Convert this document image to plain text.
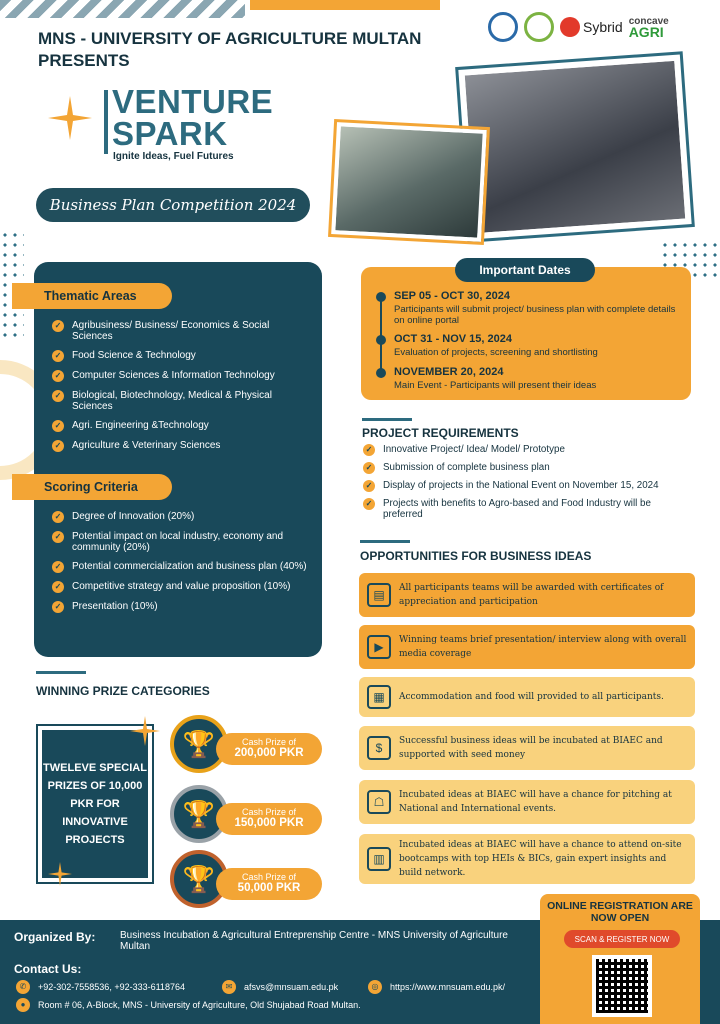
MNS - UNIVERSITY OF AGRICULTURE MULTAN PRESENTS
Sybrid concave
AGRI
VENTURE
SPARK
Ignite Ideas, Fuel Futures
Business Plan Competition 2024
Thematic Areas
✓ Agribusiness/ Business/ Economics & Social Sciences
✓ Food Science & Technology
✓ Computer Sciences & Information Technology
✓ Biological, Biotechnology, Medical & Physical Sciences
✓ Agri. Engineering &Technology
✓ Agriculture & Veterinary Sciences
Scoring Criteria
✓ Degree of Innovation (20%)
✓ Potential impact on local industry, economy and community (20%)
✓ Potential commercialization and business plan (40%)
✓ Competitive strategy and value proposition (10%)
✓ Presentation (10%)
Important Dates
SEP 05 - OCT 30, 2024
Participants will submit project/ business plan with complete details on online portal
OCT 31 - NOV 15, 2024
Evaluation of projects, screening and shortlisting
NOVEMBER 20, 2024
Main Event - Participants will present their ideas
PROJECT REQUIREMENTS
✓ Innovative Project/ Idea/ Model/ Prototype
✓ Submission of complete business plan
✓ Display of projects in the National Event on November 15, 2024
✓ Projects with benefits to Agro-based and Food Industry will be preferred
OPPORTUNITIES FOR BUSINESS IDEAS
▤	All participants teams will be awarded with certificates of appreciation and participation
▶	Winning teams brief presentation/ interview along with overall media coverage
▦	Accommodation and food will provided to all participants.
$	Successful business ideas will be incubated at BIAEC and supported with seed money
☖	Incubated ideas at BIAEC will have a chance for pitching at National and International events.
▥
Incubated ideas at BIAEC will have a chance to attend on-site bootcamps with top HEIs & BICs, gain expert insights and build network.
WINNING PRIZE CATEGORIES
TWELEVE SPECIAL PRIZES OF 10,000 PKR FOR INNOVATIVE PROJECTS
🏆	Cash Prize of
200,000 PKR
🏆	Cash Prize of
150,000 PKR
🏆	Cash Prize of
50,000 PKR
Organized By: Business Incubation & Agricultural Entreprenship Centre - MNS University of Agriculture Multan
Contact Us:
✆	+92-302-7558536, +92-333-6118764	✉	afsvs@mnsuam.edu.pk	◎	https://www.mnsuam.edu.pk/
●	Room # 06, A-Block, MNS - University of Agriculture, Old Shujabad Road Multan.
ONLINE REGISTRATION ARE NOW OPEN
SCAN & REGISTER NOW
